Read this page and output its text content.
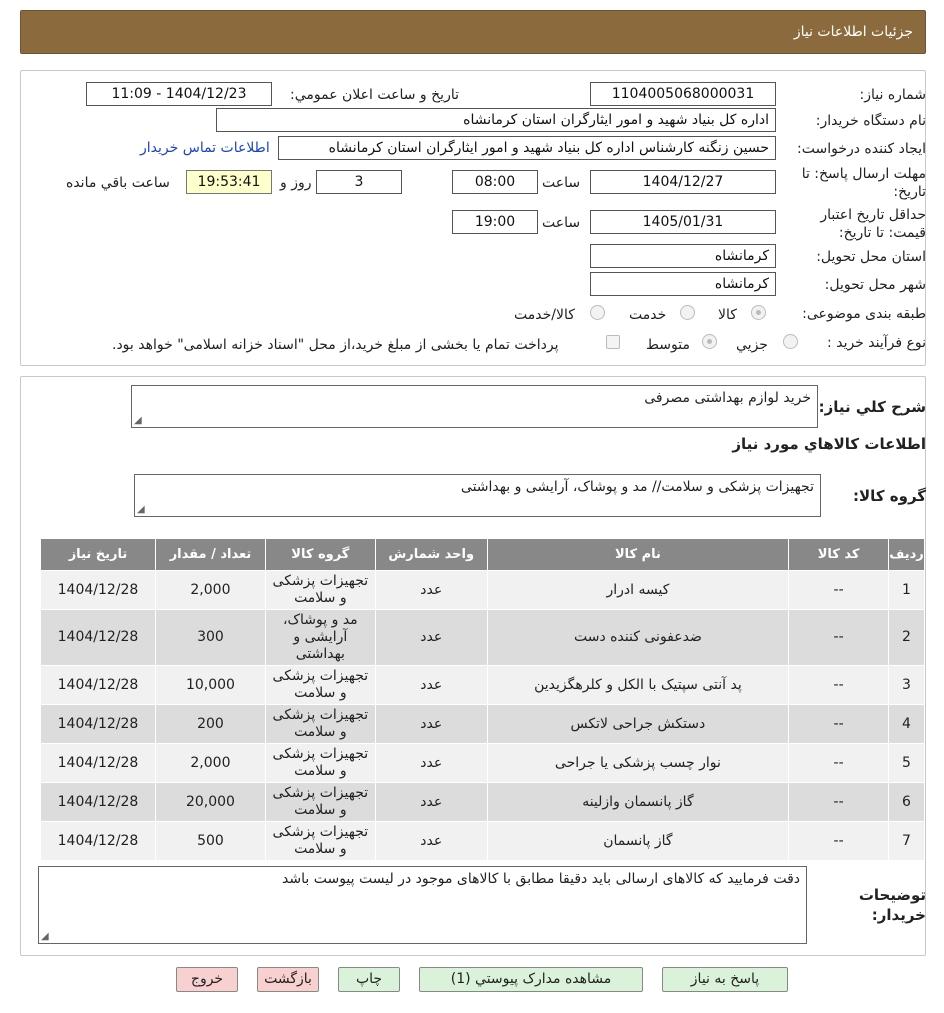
جزئيات اطلاعات نياز
شماره نياز:
1104005068000031
تاريخ و ساعت اعلان عمومي:
1404/12/23 - 11:09
نام دستگاه خريدار:
اداره کل بنیاد شهید و امور ایثارگران استان کرمانشاه
ايجاد کننده درخواست:
حسین زنگنه کارشناس اداره کل بنیاد شهید و امور ایثارگران استان کرمانشاه
اطلاعات تماس خريدار
مهلت ارسال پاسخ: تا تاريخ:
1404/12/27
ساعت
08:00
3
روز و
19:53:41
ساعت باقي مانده
حداقل تاريخ اعتبار قيمت: تا تاريخ:
1405/01/31
ساعت
19:00
استان محل تحويل:
کرمانشاه
شهر محل تحويل:
کرمانشاه
طبقه بندی موضوعی:
کالا
خدمت
کالا/خدمت
نوع فرآيند خريد :
جزيي
متوسط
پرداخت تمام يا بخشی از مبلغ خريد،از محل "اسناد خزانه اسلامی" خواهد بود.
شرح کلي نياز:
خرید لوازم بهداشتی مصرفی
◢
اطلاعات کالاهاي مورد نياز
گروه کالا:
تجهیزات پزشکی و سلامت// مد و پوشاک، آرایشی و بهداشتی
◢
رديف	کد کالا	نام کالا	واحد شمارش	گروه کالا	تعداد / مقدار	تاريخ نياز
1	--	کیسه ادرار	عدد	تجهیزات پزشکی و سلامت	2,000	1404/12/28
2	--	ضدعفونی کننده دست	عدد	مد و پوشاک، آرایشی و بهداشتی	300	1404/12/28
3	--	پد آنتی سپتیک با الکل و کلرهگزیدین	عدد	تجهیزات پزشکی و سلامت	10,000	1404/12/28
4	--	دستکش جراحی لاتکس	عدد	تجهیزات پزشکی و سلامت	200	1404/12/28
5	--	نوار چسب پزشکی یا جراحی	عدد	تجهیزات پزشکی و سلامت	2,000	1404/12/28
6	--	گاز پانسمان وازلینه	عدد	تجهیزات پزشکی و سلامت	20,000	1404/12/28
7	--	گاز پانسمان	عدد	تجهیزات پزشکی و سلامت	500	1404/12/28
توضيحات خريدار:
دقت فرمایید که کالاهای ارسالی باید دقیقا مطابق با کالاهای موجود در لیست پیوست باشد
◢
پاسخ به نياز
مشاهده مدارک پيوستي (1)
چاپ
بازگشت
خروج
